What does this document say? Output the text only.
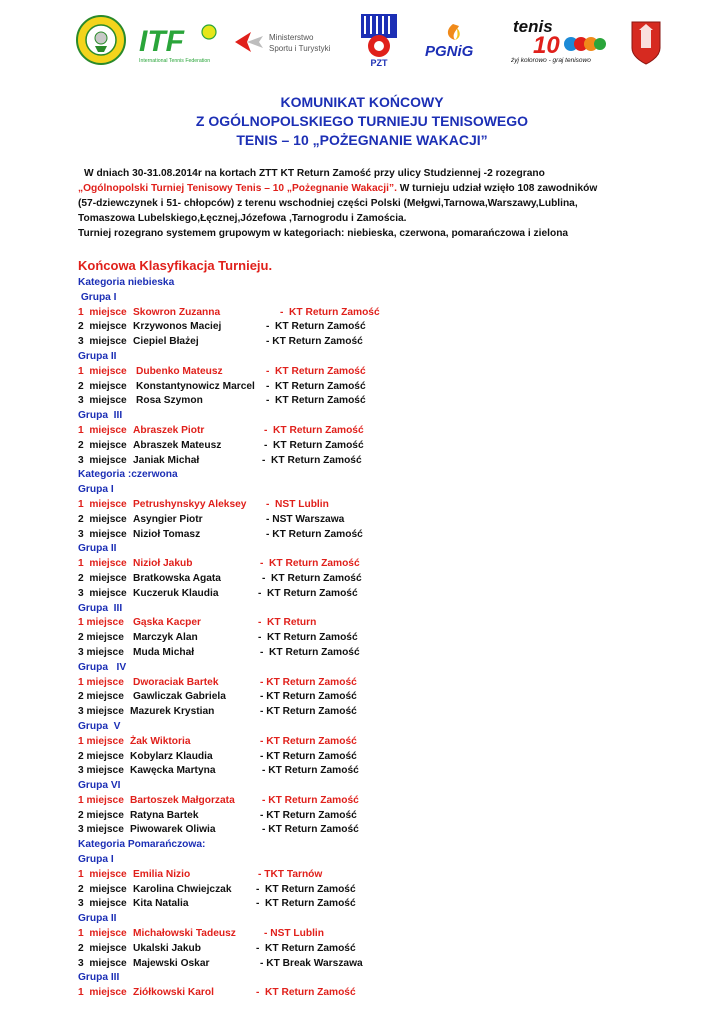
ITF
International Tennis Federation
Ministerstwo
Sportu i Turystyki
PZT
PGNiG
tenis
10
żyj kolorowo - graj tenisowo
KOMUNIKAT KOŃCOWY
Z OGÓLNOPOLSKIEGO TURNIEJU TENISOWEGO
TENIS – 10 „POŻEGNANIE WAKACJI”
W dniach 30-31.08.2014r na kortach ZTT KT Return Zamość przy ulicy Studziennej -2 rozegrano
„Ogólnopolski Turniej Tenisowy Tenis – 10 „Pożegnanie Wakacji”. W turnieju udział wzięło 108 zawodników
(57-dziewczynek i 51- chłopców) z terenu wschodniej części Polski (Mełgwi,Tarnowa,Warszawy,Lublina,
Tomaszowa Lubelskiego,Łęcznej,Józefowa ,Tarnogrodu i Zamościa.
Turniej rozegrano systemem grupowym w kategoriach: niebieska, czerwona, pomarańczowa i zielona
Końcowa Klasyfikacja Turnieju.
Kategoria niebieska
Grupa I
1  miejsce Skowron Zuzanna	-  KT Return Zamość
2  miejsce Krzywonos Maciej	-  KT Return Zamość
3  miejsce Ciepiel Błażej	- KT Return Zamość
Grupa II
1  miejsce Dubenko Mateusz	-  KT Return Zamość
2  miejsce Konstantynowicz Marcel -  KT Return Zamość
3  miejsce Rosa Szymon	-  KT Return Zamość
Grupa  III
1  miejsce Abraszek Piotr	-  KT Return Zamość
2  miejsce Abraszek Mateusz	-  KT Return Zamość
3  miejsce Janiak Michał	-  KT Return Zamość
Kategoria :czerwona
Grupa I
1  miejsce Petrushynskyy Aleksey -  NST Lublin
2  miejsce Asyngier Piotr	- NST Warszawa
3  miejsce Nizioł Tomasz	- KT Return Zamość
Grupa II
1  miejsce Nizioł Jakub	-  KT Return Zamość
2  miejsce Bratkowska Agata	-  KT Return Zamość
3  miejsce Kuczeruk Klaudia	-  KT Return Zamość
Grupa  III
1 miejsce Gąska Kacper	-  KT Return
2 miejsce Marczyk Alan	-  KT Return Zamość
3 miejsce Muda Michał	-  KT Return Zamość
Grupa   IV
1 miejsce Dworaciak Bartek	- KT Return Zamość
2 miejsce Gawliczak Gabriela	- KT Return Zamość
3 miejsce Mazurek Krystian	- KT Return Zamość
Grupa  V
1 miejsce Żak Wiktoria	- KT Return Zamość
2 miejsce Kobylarz Klaudia	- KT Return Zamość
3 miejsce Kawęcka Martyna	- KT Return Zamość
Grupa VI
1 miejsce Bartoszek Małgorzata	- KT Return Zamość
2 miejsce Ratyna Bartek	- KT Return Zamość
3 miejsce Piwowarek Oliwia	- KT Return Zamość
Kategoria Pomarańczowa:
Grupa I
1  miejsce Emilia Nizio	- TKT Tarnów
2  miejsce Karolina Chwiejczak -  KT Return Zamość
3  miejsce Kita Natalia	-  KT Return Zamość
Grupa II
1  miejsce Michałowski Tadeusz	- NST Lublin
2  miejsce Ukalski Jakub	-  KT Return Zamość
3  miejsce Majewski Oskar	- KT Break Warszawa
Grupa III
1  miejsce Ziółkowski Karol	-  KT Return Zamość
